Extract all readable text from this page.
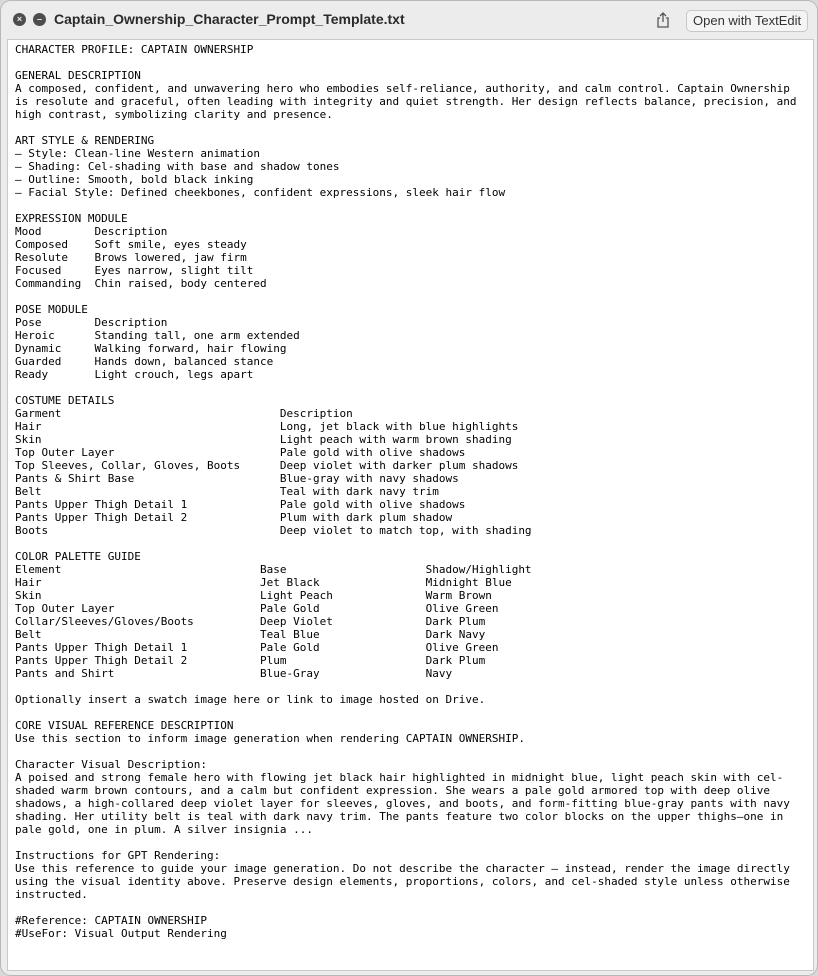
×	– Captain_Ownership_Character_Prompt_Template.txt	Open with TextEdit
CHARACTER PROFILE: CAPTAIN OWNERSHIP
GENERAL DESCRIPTION
A composed, confident, and unwavering hero who embodies self-reliance, authority, and calm control. Captain Ownership
is resolute and graceful, often leading with integrity and quiet strength. Her design reflects balance, precision, and
high contrast, symbolizing clarity and presence.
ART STYLE & RENDERING
– Style: Clean-line Western animation
– Shading: Cel-shading with base and shadow tones
– Outline: Smooth, bold black inking
– Facial Style: Defined cheekbones, confident expressions, sleek hair flow
EXPRESSION MODULE
Mood        Description
Composed    Soft smile, eyes steady
Resolute    Brows lowered, jaw firm
Focused     Eyes narrow, slight tilt
Commanding  Chin raised, body centered
POSE MODULE
Pose        Description
Heroic      Standing tall, one arm extended
Dynamic     Walking forward, hair flowing
Guarded     Hands down, balanced stance
Ready       Light crouch, legs apart
COSTUME DETAILS
Garment                                 Description
Hair                                    Long, jet black with blue highlights
Skin                                    Light peach with warm brown shading
Top Outer Layer                         Pale gold with olive shadows
Top Sleeves, Collar, Gloves, Boots      Deep violet with darker plum shadows
Pants & Shirt Base                      Blue-gray with navy shadows
Belt                                    Teal with dark navy trim
Pants Upper Thigh Detail 1              Pale gold with olive shadows
Pants Upper Thigh Detail 2              Plum with dark plum shadow
Boots                                   Deep violet to match top, with shading
COLOR PALETTE GUIDE
Element                              Base                     Shadow/Highlight
Hair                                 Jet Black                Midnight Blue
Skin                                 Light Peach              Warm Brown
Top Outer Layer                      Pale Gold                Olive Green
Collar/Sleeves/Gloves/Boots          Deep Violet              Dark Plum
Belt                                 Teal Blue                Dark Navy
Pants Upper Thigh Detail 1           Pale Gold                Olive Green
Pants Upper Thigh Detail 2           Plum                     Dark Plum
Pants and Shirt                      Blue-Gray                Navy
Optionally insert a swatch image here or link to image hosted on Drive.
CORE VISUAL REFERENCE DESCRIPTION
Use this section to inform image generation when rendering CAPTAIN OWNERSHIP.
Character Visual Description:
A poised and strong female hero with flowing jet black hair highlighted in midnight blue, light peach skin with cel-
shaded warm brown contours, and a calm but confident expression. She wears a pale gold armored top with deep olive
shadows, a high-collared deep violet layer for sleeves, gloves, and boots, and form-fitting blue-gray pants with navy
shading. Her utility belt is teal with dark navy trim. The pants feature two color blocks on the upper thighs—one in
pale gold, one in plum. A silver insignia ...
Instructions for GPT Rendering:
Use this reference to guide your image generation. Do not describe the character – instead, render the image directly
using the visual identity above. Preserve design elements, proportions, colors, and cel-shaded style unless otherwise
instructed.
#Reference: CAPTAIN OWNERSHIP
#UseFor: Visual Output Rendering
